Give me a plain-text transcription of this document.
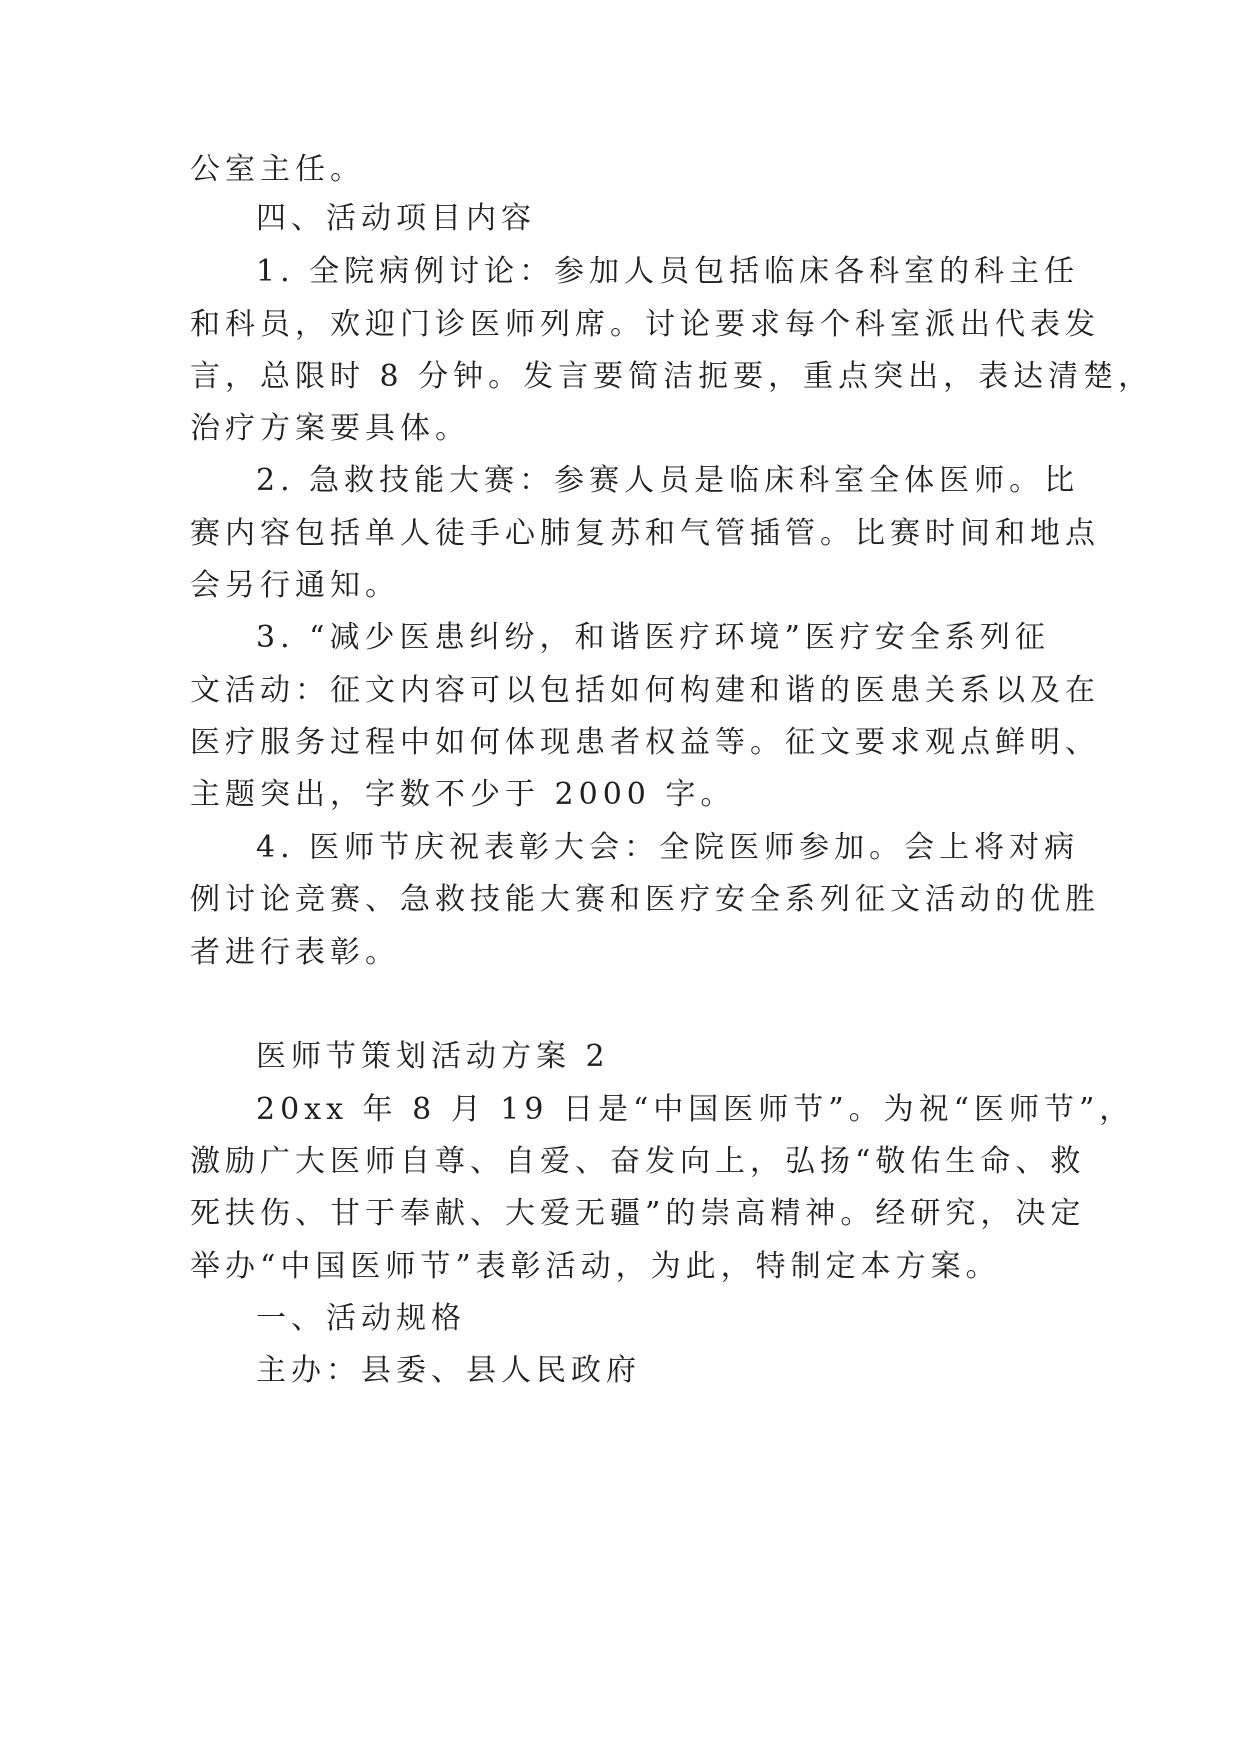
公室主任。
四、活动项目内容
1. 全院病例讨论：参加人员包括临床各科室的科主任
和科员，欢迎门诊医师列席。讨论要求每个科室派出代表发
言，总限时 8 分钟。发言要简洁扼要，重点突出，表达清楚，
治疗方案要具体。
2. 急救技能大赛：参赛人员是临床科室全体医师。比
赛内容包括单人徒手心肺复苏和气管插管。比赛时间和地点
会另行通知。
3. “减少医患纠纷，和谐医疗环境”医疗安全系列征
文活动：征文内容可以包括如何构建和谐的医患关系以及在
医疗服务过程中如何体现患者权益等。征文要求观点鲜明、
主题突出，字数不少于 2000 字。
4. 医师节庆祝表彰大会：全院医师参加。会上将对病
例讨论竞赛、急救技能大赛和医疗安全系列征文活动的优胜
者进行表彰。
医师节策划活动方案 2
20xx 年 8 月 19 日是“中国医师节”。为祝“医师节”，
激励广大医师自尊、自爱、奋发向上，弘扬“敬佑生命、救
死扶伤、甘于奉献、大爱无疆”的崇高精神。经研究，决定
举办“中国医师节”表彰活动，为此，特制定本方案。
一、活动规格
主办：县委、县人民政府
